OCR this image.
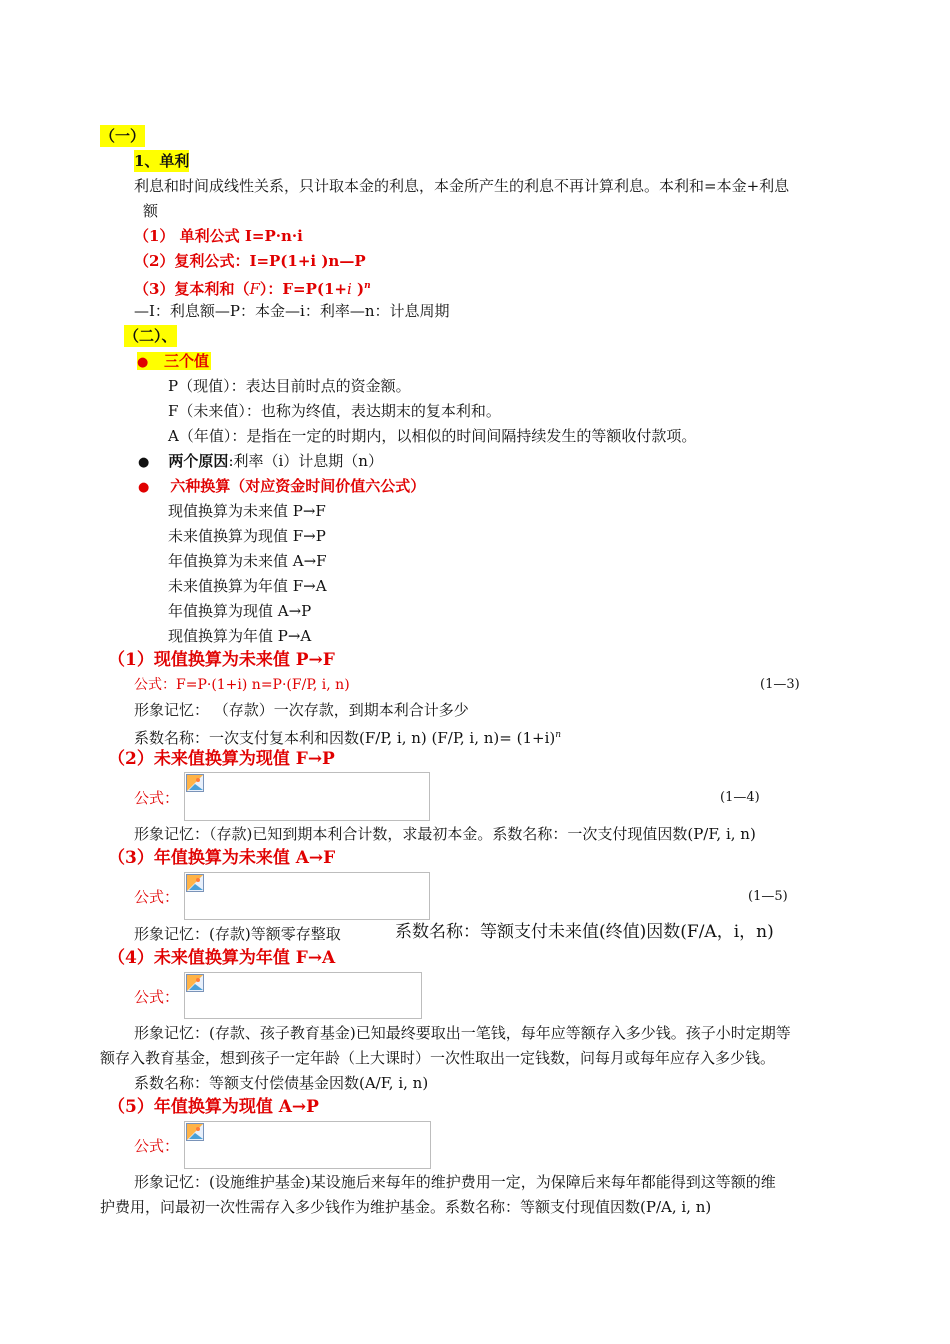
（一）
1、单利
利息和时间成线性关系，只计取本金的利息，本金所产生的利息不再计算利息。本利和=本金+利息
额
（1） 单利公式 I=P·n·i
（2）复利公式：I=P(1+i )n—P
（3）复本利和（F）：F=P(1+i )$^n$
—I：利息额—P：本金—i：利率—n：计息周期
（二）、
● 三个值
P（现值）：表达目前时点的资金额。
F（未来值）：也称为终值，表达期末的复本利和。
A（年值）：是指在一定的时期内，以相似的时间间隔持续发生的等额收付款项。
● 两个原因:利率（i）计息期（n）
● 六种换算（对应资金时间价值六公式）
现值换算为未来值 P→F
未来值换算为现值 F→P
年值换算为未来值 A→F
未来值换算为年值 F→A
年值换算为现值 A→P
现值换算为年值 P→A
（1）现值换算为未来值 P→F
公式：F=P·(1+i) n=P·(F/P, i, n)	(1—3)
形象记忆： （存款）一次存款，到期本利合计多少
系数名称：一次支付复本利和因数(F/P, i, n) (F/P, i, $n)= (1+i)^n$
（2）未来值换算为现值 F→P
公式：	(1—4)
形象记忆：（存款)已知到期本利合计数，求最初本金。系数名称：一次支付现值因数(P/F, i, n)
（3）年值换算为未来值 A→F
公式：	(1—5)
形象记忆：(存款)等额零存整取	系数名称：等额支付未来值(终值)因数(F/A，i，n)
（4）未来值换算为年值 F→A
公式：
形象记忆：(存款、孩子教育基金)已知最终要取出一笔钱，每年应等额存入多少钱。孩子小时定期等
额存入教育基金，想到孩子一定年龄（上大课时）一次性取出一定钱数，问每月或每年应存入多少钱。
系数名称：等额支付偿债基金因数(A/F, i, n)
（5）年值换算为现值 A→P
公式：
形象记忆：(设施维护基金)某设施后来每年的维护费用一定，为保障后来每年都能得到这等额的维
护费用，问最初一次性需存入多少钱作为维护基金。系数名称：等额支付现值因数(P/A, i, n)
